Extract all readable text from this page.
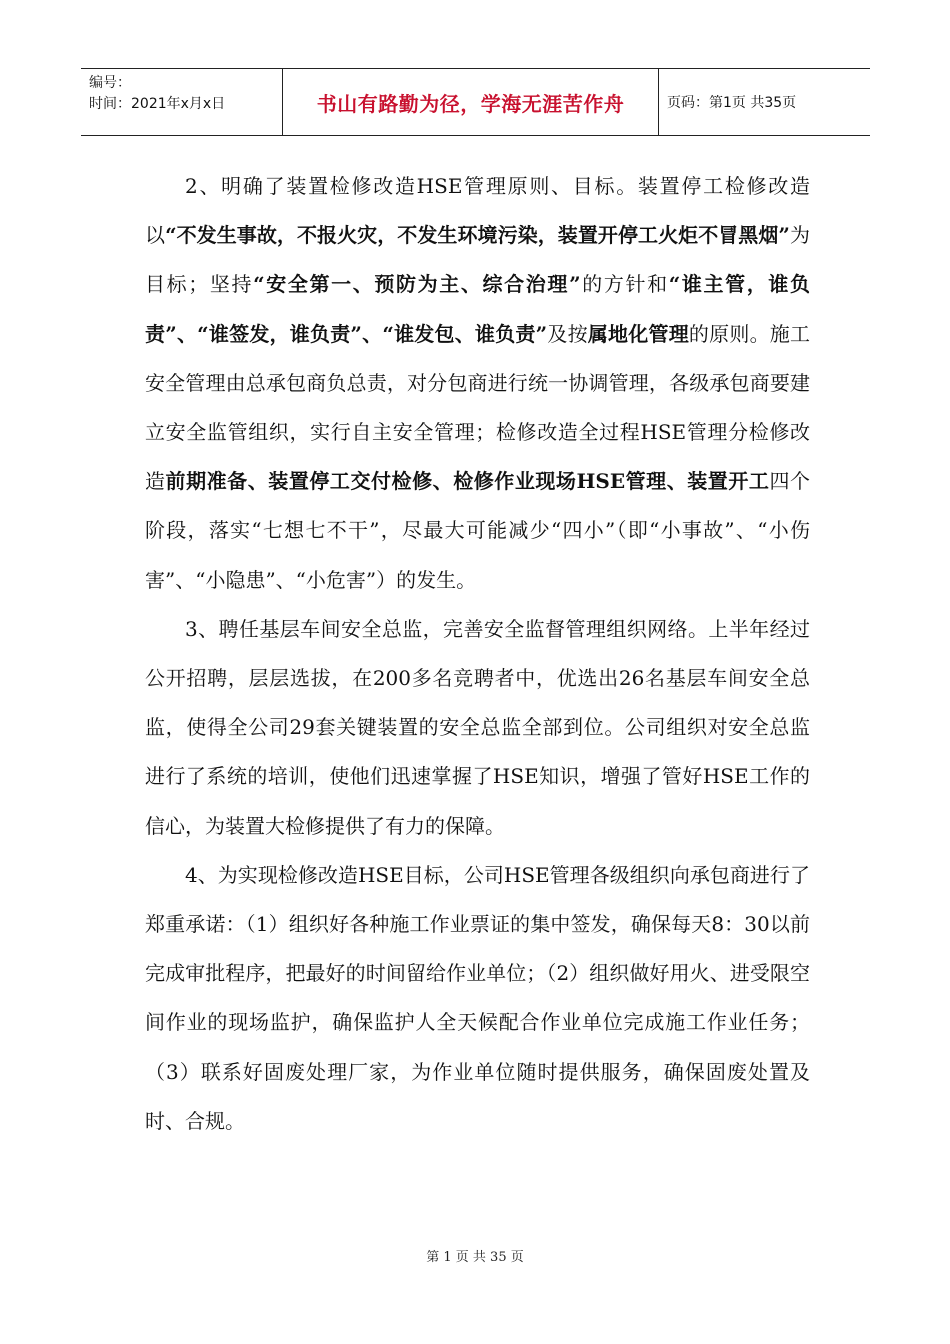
编号：
时间：2021年x月x日	书山有路勤为径，学海无涯苦作舟	页码：第1页 共35页

2、明确了装置检修改造HSE管理原则、目标。装置停工检修改造以“不发生事故，不报火灾，不发生环境污染，装置开停工火炬不冒黑烟”为目标；坚持“安全第一、预防为主、综合治理”的方针和“谁主管，谁负责”、“谁签发，谁负责”、“谁发包、谁负责”及按属地化管理的原则。施工安全管理由总承包商负总责，对分包商进行统一协调管理，各级承包商要建立安全监管组织，实行自主安全管理；检修改造全过程HSE管理分检修改造前期准备、装置停工交付检修、检修作业现场HSE管理、装置开工四个阶段，落实“七想七不干”，尽最大可能减少“四小”（即“小事故”、“小伤害”、“小隐患”、“小危害”）的发生。

3、聘任基层车间安全总监，完善安全监督管理组织网络。上半年经过公开招聘，层层选拔，在200多名竞聘者中，优选出26名基层车间安全总监，使得全公司29套关键装置的安全总监全部到位。公司组织对安全总监进行了系统的培训，使他们迅速掌握了HSE知识，增强了管好HSE工作的信心，为装置大检修提供了有力的保障。

4、为实现检修改造HSE目标，公司HSE管理各级组织向承包商进行了郑重承诺：（1）组织好各种施工作业票证的集中签发，确保每天8：30以前完成审批程序，把最好的时间留给作业单位；（2）组织做好用火、进受限空间作业的现场监护，确保监护人全天候配合作业单位完成施工作业任务；（3）联系好固废处理厂家，为作业单位随时提供服务，确保固废处置及时、合规。

第 1 页 共 35 页
